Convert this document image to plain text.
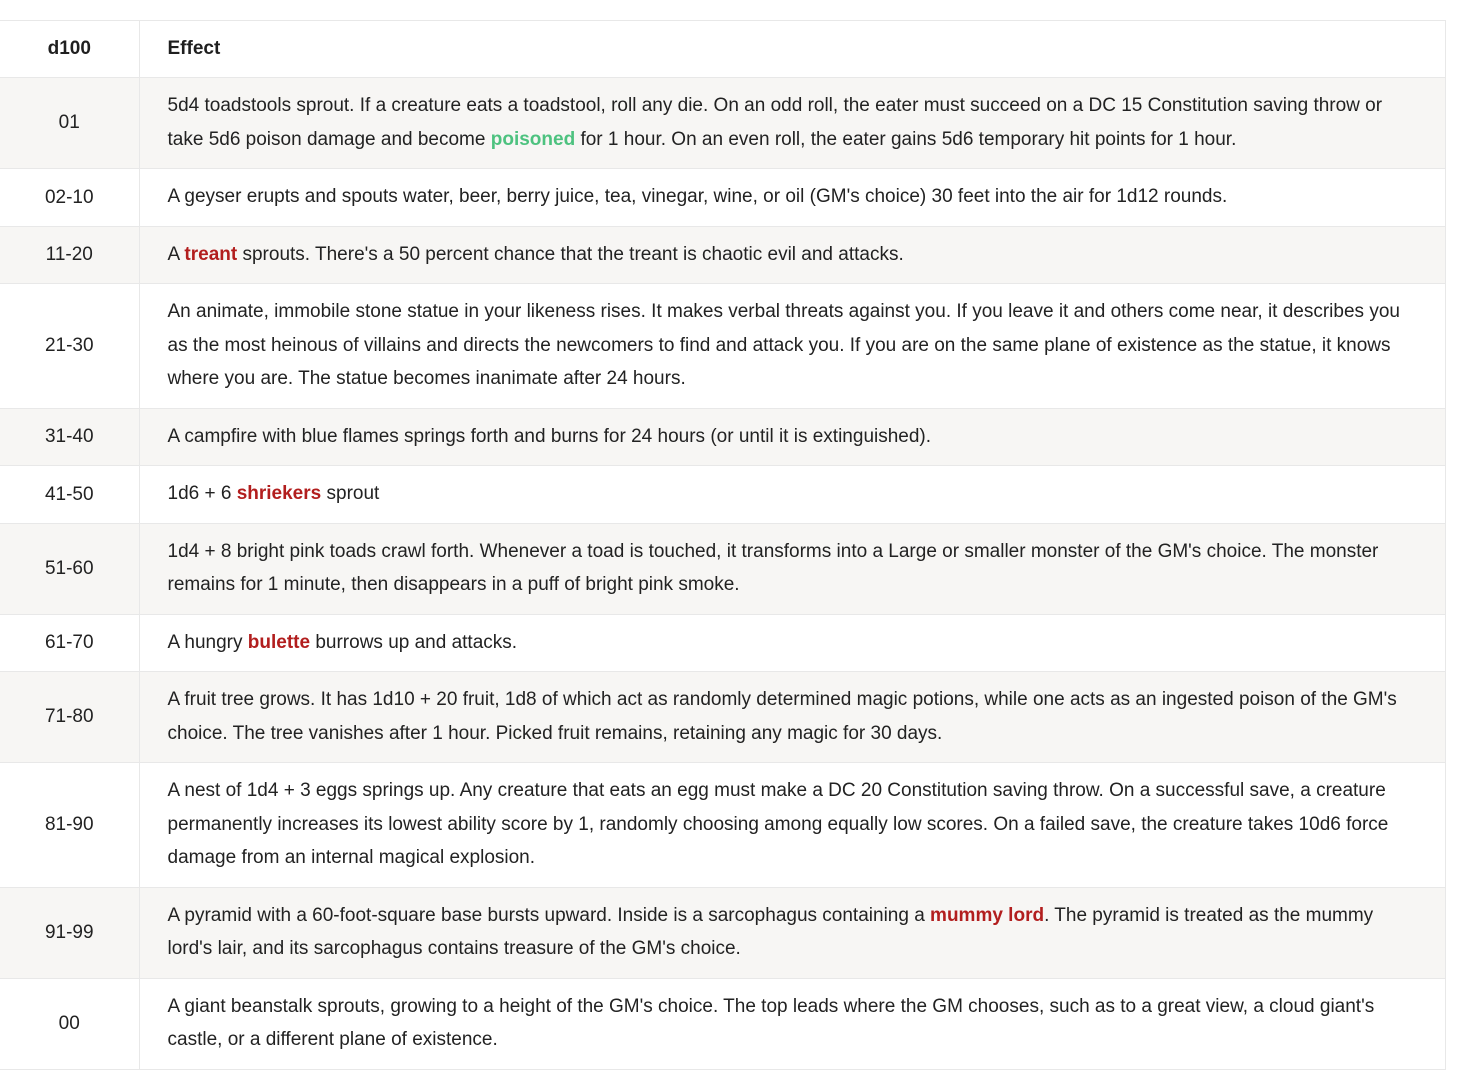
d100	Effect
01	5d4 toadstools sprout. If a creature eats a toadstool, roll any die. On an odd roll, the eater must succeed on a DC 15 Constitution saving throw or take 5d6 poison damage and become poisoned for 1 hour. On an even roll, the eater gains 5d6 temporary hit points for 1 hour.
02-10	A geyser erupts and spouts water, beer, berry juice, tea, vinegar, wine, or oil (GM's choice) 30 feet into the air for 1d12 rounds.
11-20	A treant sprouts. There's a 50 percent chance that the treant is chaotic evil and attacks.
21-30	An animate, immobile stone statue in your likeness rises. It makes verbal threats against you. If you leave it and others come near, it describes you as the most heinous of villains and directs the newcomers to find and attack you. If you are on the same plane of existence as the statue, it knows where you are. The statue becomes inanimate after 24 hours.
31-40	A campfire with blue flames springs forth and burns for 24 hours (or until it is extinguished).
41-50	1d6 + 6 shriekers sprout
51-60	1d4 + 8 bright pink toads crawl forth. Whenever a toad is touched, it transforms into a Large or smaller monster of the GM's choice. The monster remains for 1 minute, then disappears in a puff of bright pink smoke.
61-70	A hungry bulette burrows up and attacks.
71-80	A fruit tree grows. It has 1d10 + 20 fruit, 1d8 of which act as randomly determined magic potions, while one acts as an ingested poison of the GM's choice. The tree vanishes after 1 hour. Picked fruit remains, retaining any magic for 30 days.
81-90	A nest of 1d4 + 3 eggs springs up. Any creature that eats an egg must make a DC 20 Constitution saving throw. On a successful save, a creature permanently increases its lowest ability score by 1, randomly choosing among equally low scores. On a failed save, the creature takes 10d6 force damage from an internal magical explosion.
91-99	A pyramid with a 60-foot-square base bursts upward. Inside is a sarcophagus containing a mummy lord. The pyramid is treated as the mummy lord's lair, and its sarcophagus contains treasure of the GM's choice.
00	A giant beanstalk sprouts, growing to a height of the GM's choice. The top leads where the GM chooses, such as to a great view, a cloud giant's castle, or a different plane of existence.
